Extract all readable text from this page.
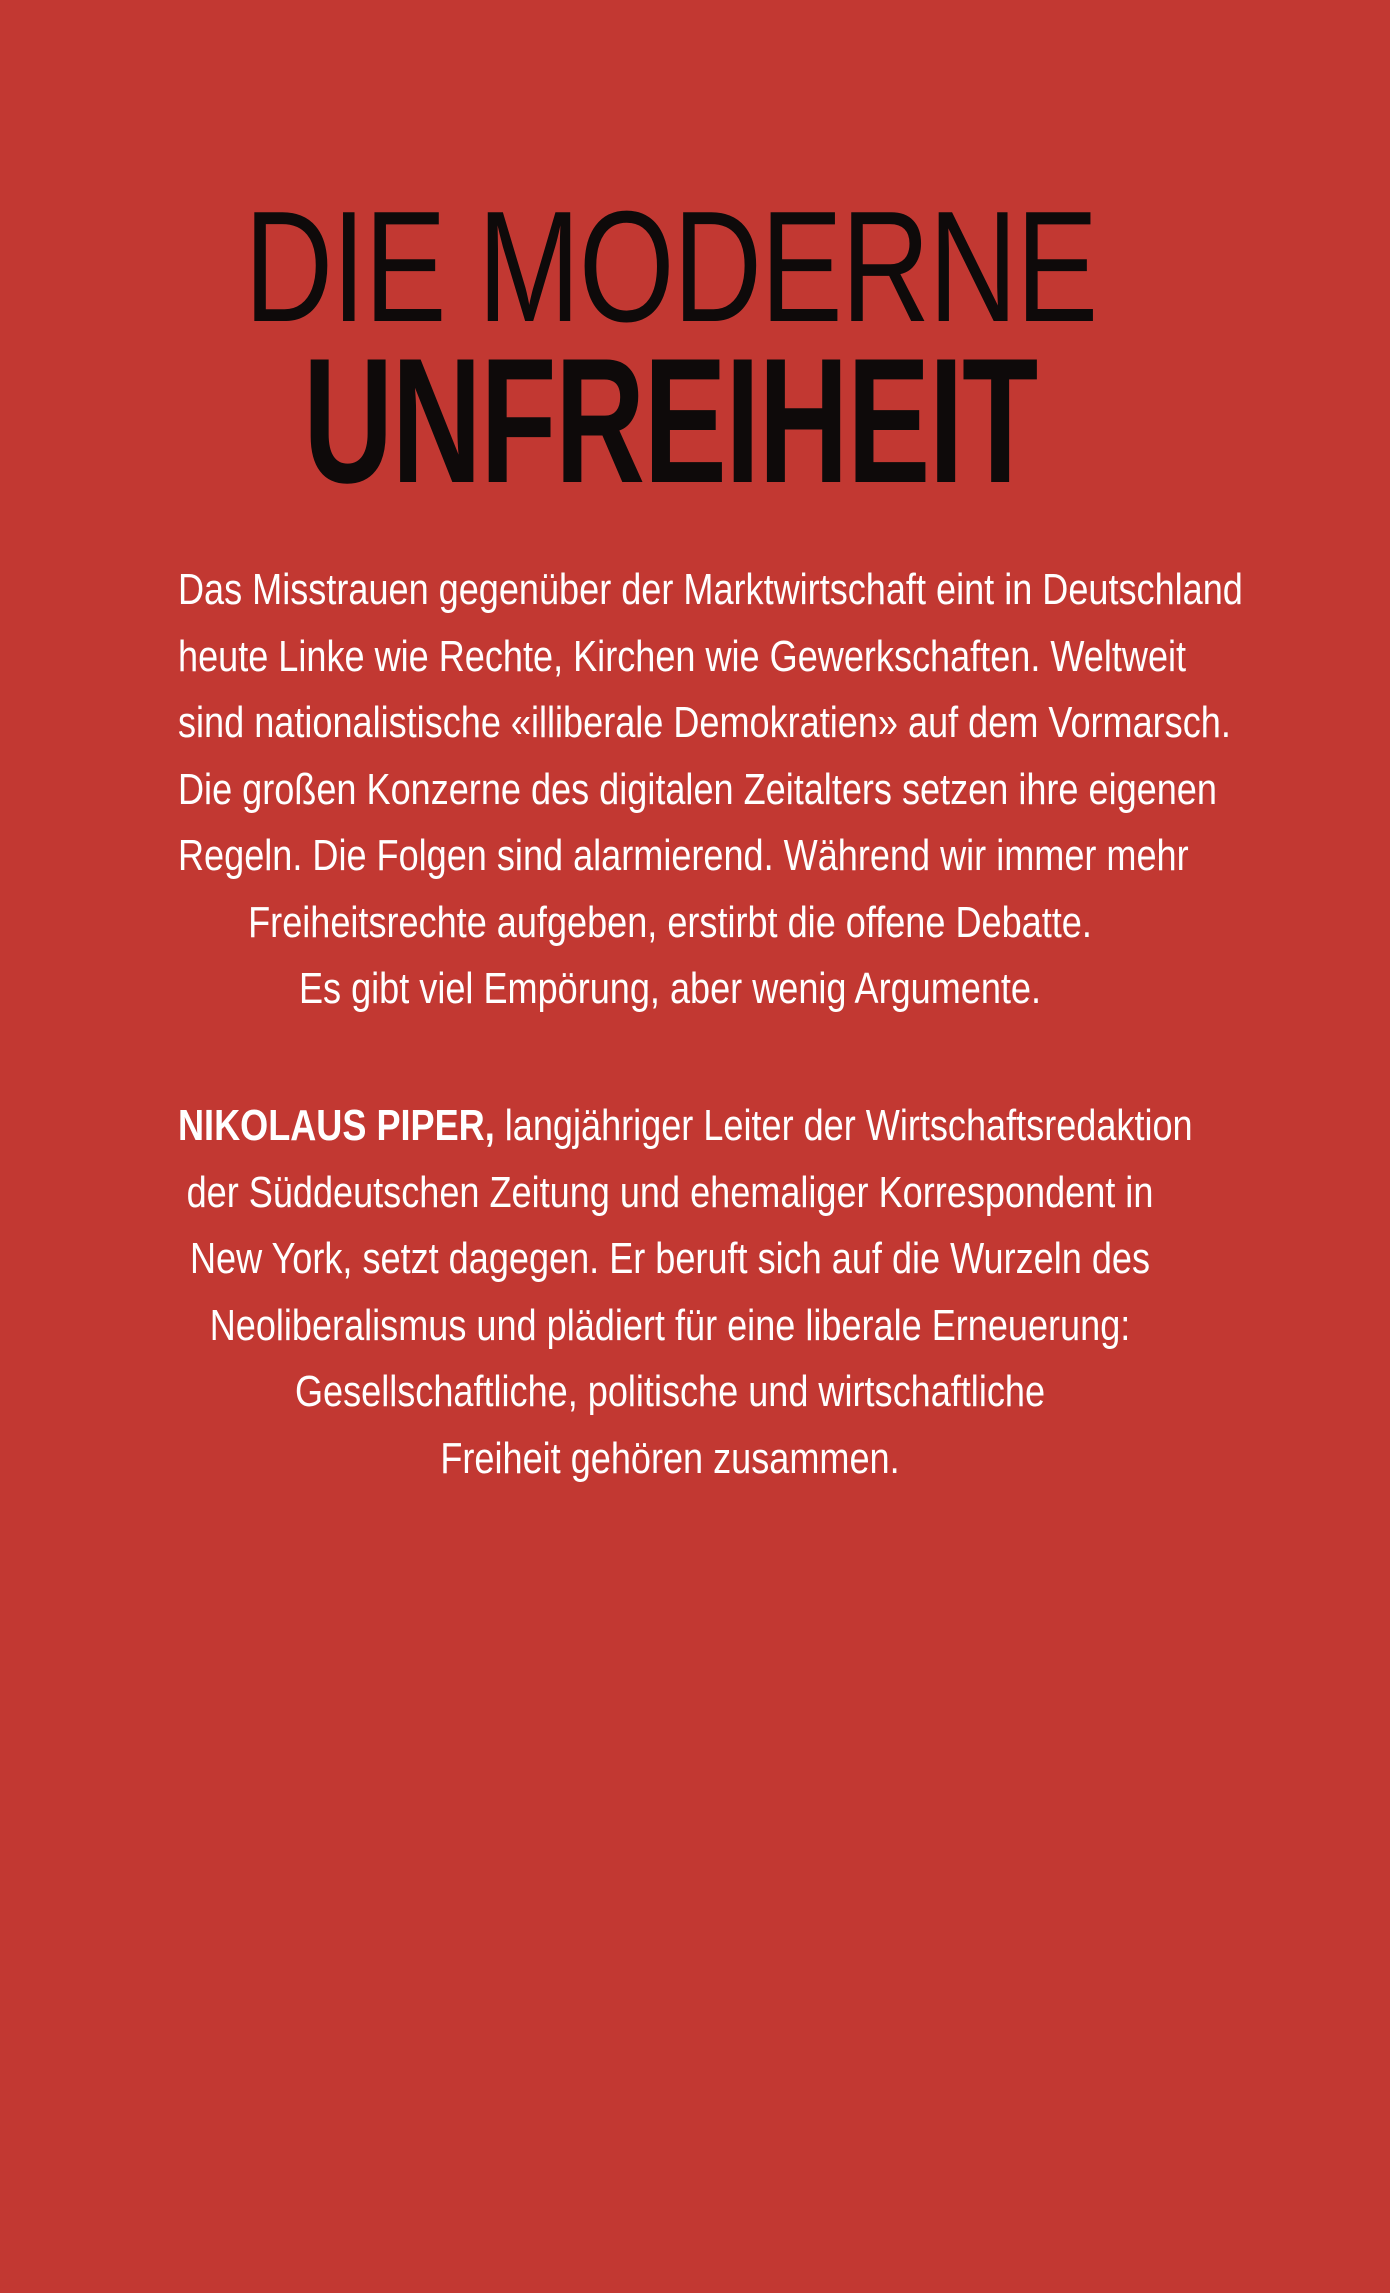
DIE MODERNE
UNFREIHEIT
Das Misstrauen gegenüber der Marktwirtschaft eint in Deutschland
heute Linke wie Rechte, Kirchen wie Gewerkschaften. Weltweit
sind nationalistische «illiberale Demokratien» auf dem Vormarsch.
Die großen Konzerne des digitalen Zeitalters setzen ihre eigenen
Regeln. Die Folgen sind alarmierend. Während wir immer mehr
Freiheitsrechte aufgeben, erstirbt die offene Debatte.
Es gibt viel Empörung, aber wenig Argumente.
NIKOLAUS PIPER, langjähriger Leiter der Wirtschaftsredaktion
der Süddeutschen Zeitung und ehemaliger Korrespondent in
New York, setzt dagegen. Er beruft sich auf die Wurzeln des
Neoliberalismus und plädiert für eine liberale Erneuerung:
Gesellschaftliche, politische und wirtschaftliche
Freiheit gehören zusammen.
